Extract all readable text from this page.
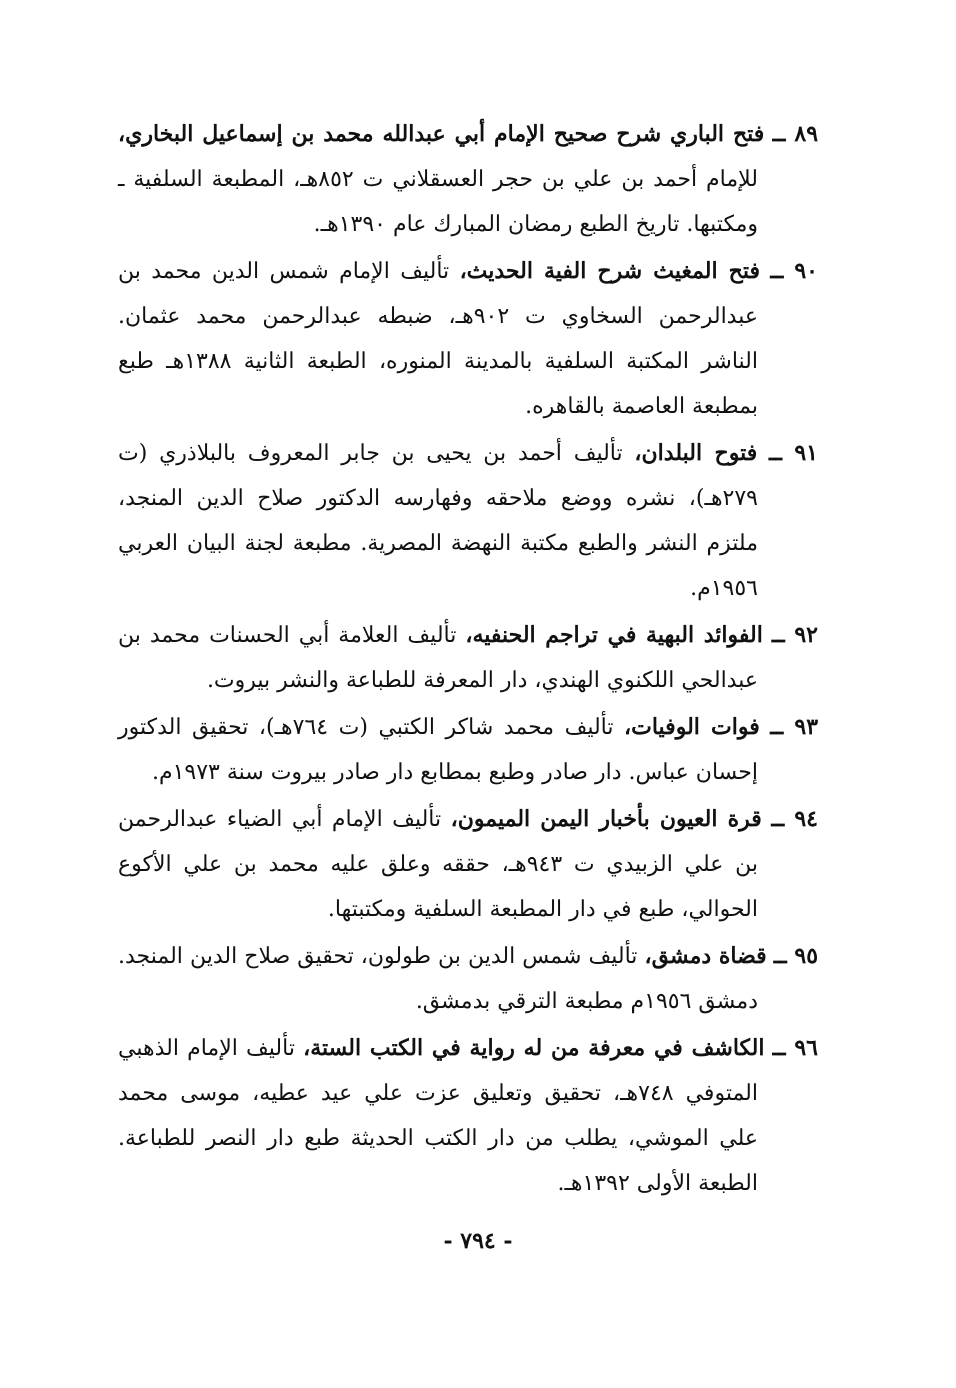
٨٩ ــ فتح الباري شرح صحيح الإمام أبي عبدالله محمد بن إسماعيل البخاري، للإمام أحمد بن علي بن حجر العسقلاني ت ٨٥٢هـ، المطبعة السلفية ـ ومكتبها. تاريخ الطبع رمضان المبارك عام ١٣٩٠هـ.

٩٠ ــ فتح المغيث شرح الفية الحديث، تأليف الإمام شمس الدين محمد بن عبدالرحمن السخاوي ت ٩٠٢هـ، ضبطه عبدالرحمن محمد عثمان. الناشر المكتبة السلفية بالمدينة المنوره، الطبعة الثانية ١٣٨٨هـ طبع بمطبعة العاصمة بالقاهره.

٩١ ــ فتوح البلدان، تأليف أحمد بن يحيى بن جابر المعروف بالبلاذري (ت ٢٧٩هـ)، نشره ووضع ملاحقه وفهارسه الدكتور صلاح الدين المنجد، ملتزم النشر والطبع مكتبة النهضة المصرية. مطبعة لجنة البيان العربي ١٩٥٦م.

٩٢ ــ الفوائد البهية في تراجم الحنفيه، تأليف العلامة أبي الحسنات محمد بن عبدالحي اللكنوي الهندي، دار المعرفة للطباعة والنشر بيروت.

٩٣ ــ فوات الوفيات، تأليف محمد شاكر الكتبي (ت ٧٦٤هـ)، تحقيق الدكتور إحسان عباس. دار صادر وطبع بمطابع دار صادر بيروت سنة ١٩٧٣م.

٩٤ ــ قرة العيون بأخبار اليمن الميمون، تأليف الإمام أبي الضياء عبدالرحمن بن علي الزبيدي ت ٩٤٣هـ، حققه وعلق عليه محمد بن علي الأكوع الحوالي، طبع في دار المطبعة السلفية ومكتبتها.

٩٥ ــ قضاة دمشق، تأليف شمس الدين بن طولون، تحقيق صلاح الدين المنجد. دمشق ١٩٥٦م مطبعة الترقي بدمشق.

٩٦ ــ الكاشف في معرفة من له رواية في الكتب الستة، تأليف الإمام الذهبي المتوفي ٧٤٨هـ، تحقيق وتعليق عزت علي عيد عطيه، موسى محمد علي الموشي، يطلب من دار الكتب الحديثة طبع دار النصر للطباعة. الطبعة الأولى ١٣٩٢هـ.

- ٧٩٤ -
